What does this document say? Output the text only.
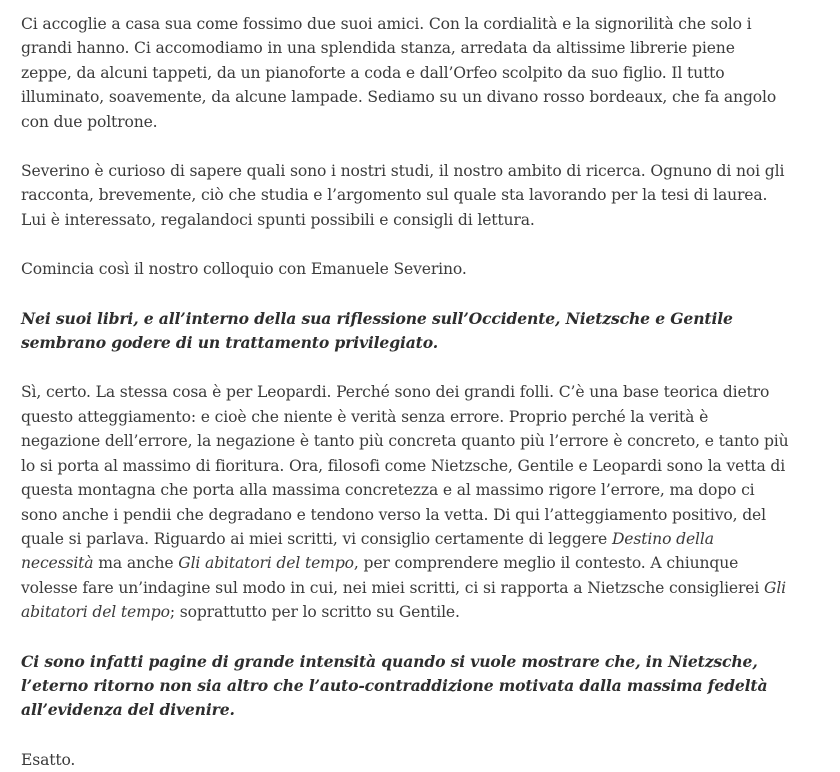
Ci accoglie a casa sua come fossimo due suoi amici. Con la cordialità e la signorilità che solo i grandi hanno. Ci accomodiamo in una splendida stanza, arredata da altissime librerie piene zeppe, da alcuni tappeti, da un pianoforte a coda e dall’Orfeo scolpito da suo figlio. Il tutto illuminato, soavemente, da alcune lampade. Sediamo su un divano rosso bordeaux, che fa angolo con due poltrone.

Severino è curioso di sapere quali sono i nostri studi, il nostro ambito di ricerca. Ognuno di noi gli racconta, brevemente, ciò che studia e l’argomento sul quale sta lavorando per la tesi di laurea. Lui è interessato, regalandoci spunti possibili e consigli di lettura.

Comincia così il nostro colloquio con Emanuele Severino.

Nei suoi libri, e all’interno della sua riflessione sull’Occidente, Nietzsche e Gentile sembrano godere di un trattamento privilegiato.

Sì, certo. La stessa cosa è per Leopardi. Perché sono dei grandi folli. C’è una base teorica dietro questo atteggiamento: e cioè che niente è verità senza errore. Proprio perché la verità è negazione dell’errore, la negazione è tanto più concreta quanto più l’errore è concreto, e tanto più lo si porta al massimo di fioritura. Ora, filosofi come Nietzsche, Gentile e Leopardi sono la vetta di questa montagna che porta alla massima concretezza e al massimo rigore l’errore, ma dopo ci sono anche i pendii che degradano e tendono verso la vetta. Di qui l’atteggiamento positivo, del quale si parlava. Riguardo ai miei scritti, vi consiglio certamente di leggere Destino della necessità ma anche Gli abitatori del tempo, per comprendere meglio il contesto. A chiunque volesse fare un’indagine sul modo in cui, nei miei scritti, ci si rapporta a Nietzsche consiglierei Gli abitatori del tempo; soprattutto per lo scritto su Gentile.

Ci sono infatti pagine di grande intensità quando si vuole mostrare che, in Nietzsche, l’eterno ritorno non sia altro che l’auto-contraddizione motivata dalla massima fedeltà all’evidenza del divenire.

Esatto.
